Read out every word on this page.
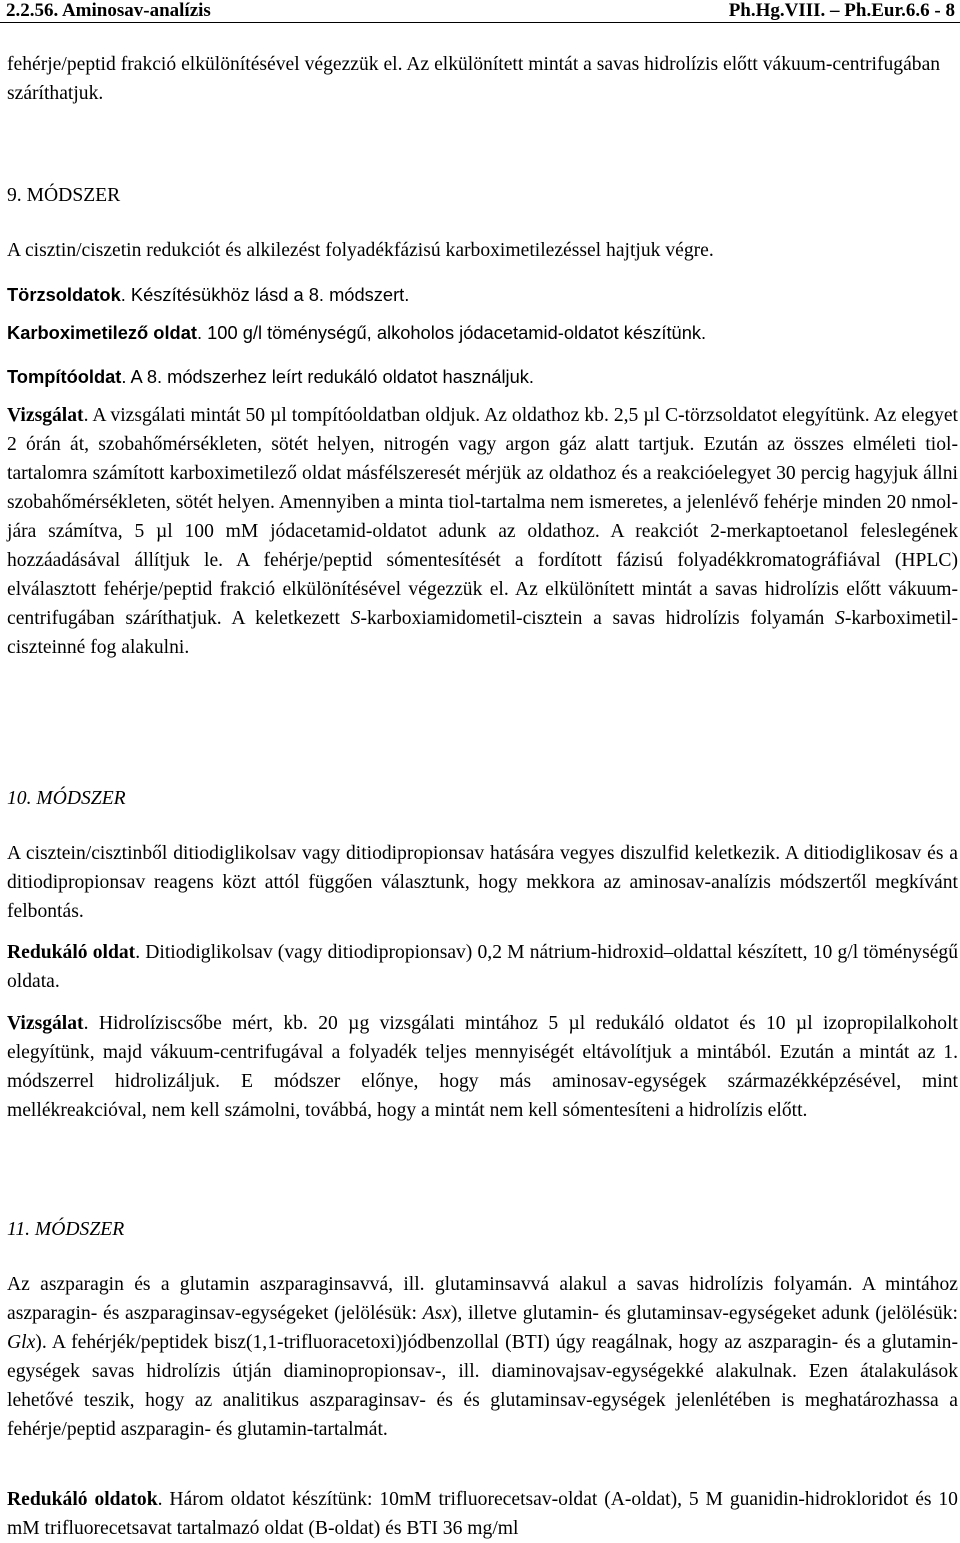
2.2.56. Aminosav-analízis	Ph.Hg.VIII. – Ph.Eur.6.6 - 8

fehérje/peptid frakció elkülönítésével végezzük el. Az elkülönített mintát a savas hidrolízis előtt vákuum-centrifugában száríthatjuk.

9. MÓDSZER

A cisztin/ciszetin redukciót és alkilezést folyadékfázisú karboximetilezéssel hajtjuk végre.

Törzsoldatok. Készítésükhöz lásd a 8. módszert.

Karboximetilező oldat. 100 g/l töménységű, alkoholos jódacetamid-oldatot készítünk.

Tompítóoldat. A 8. módszerhez leírt redukáló oldatot használjuk.

Vizsgálat. A vizsgálati mintát 50 µl tompítóoldatban oldjuk. Az oldathoz kb. 2,5 µl C-törzsoldatot elegyítünk. Az elegyet 2 órán át, szobahőmérsékleten, sötét helyen, nitrogén vagy argon gáz alatt tartjuk. Ezután az összes elméleti tiol-tartalomra számított karboximetilező oldat másfélszeresét mérjük az oldathoz és a reakcióelegyet 30 percig hagyjuk állni szobahőmérsékleten, sötét helyen. Amennyiben a minta tiol-tartalma nem ismeretes, a jelenlévő fehérje minden 20 nmol-jára számítva, 5 µl 100 mM jódacetamid-oldatot adunk az oldathoz. A reakciót 2-merkaptoetanol feleslegének hozzáadásával állítjuk le. A fehérje/peptid sómentesítését a fordított fázisú folyadékkromatográfiával (HPLC) elválasztott fehérje/peptid frakció elkülönítésével végezzük el. Az elkülönített mintát a savas hidrolízis előtt vákuum-centrifugában száríthatjuk. A keletkezett S-karboxiamidometil-cisztein a savas hidrolízis folyamán S-karboximetil-ciszteinné fog alakulni.

10. MÓDSZER

A cisztein/cisztinből ditiodiglikolsav vagy ditiodipropionsav hatására vegyes diszulfid keletkezik. A ditiodiglikosav és a ditiodipropionsav reagens közt attól függően választunk, hogy mekkora az aminosav-analízis módszertől megkívánt felbontás.

Redukáló oldat. Ditiodiglikolsav (vagy ditiodipropionsav) 0,2 M nátrium-hidroxid–oldattal készített, 10 g/l töménységű oldata.

Vizsgálat. Hidrolíziscsőbe mért, kb. 20 µg vizsgálati mintához 5 µl redukáló oldatot és 10 µl izopropilalkoholt elegyítünk, majd vákuum-centrifugával a folyadék teljes mennyiségét eltávolítjuk a mintából. Ezután a mintát az 1. módszerrel hidrolizáljuk. E módszer előnye, hogy más aminosav-egységek származékképzésével, mint mellékreakcióval, nem kell számolni, továbbá, hogy a mintát nem kell sómentesíteni a hidrolízis előtt.

11. MÓDSZER

Az aszparagin és a glutamin aszparaginsavvá, ill. glutaminsavvá alakul a savas hidrolízis folyamán. A mintához aszparagin- és aszparaginsav-egységeket (jelölésük: Asx), illetve glutamin- és glutaminsav-egységeket adunk (jelölésük: Glx). A fehérjék/peptidek bisz(1,1-trifluoracetoxi)jódbenzollal (BTI) úgy reagálnak, hogy az aszparagin- és a glutamin-egységek savas hidrolízis útján diaminopropionsav-, ill. diaminovajsav-egységekké alakulnak. Ezen átalakulások lehetővé teszik, hogy az analitikus aszparaginsav- és és glutaminsav-egységek jelenlétében is meghatározhassa a fehérje/peptid aszparagin- és glutamin-tartalmát.

Redukáló oldatok. Három oldatot készítünk: 10mM trifluorecetsav-oldat (A-oldat), 5 M guanidin-hidrokloridot és 10 mM trifluorecetsavat tartalmazó oldat (B-oldat) és BTI 36 mg/ml
